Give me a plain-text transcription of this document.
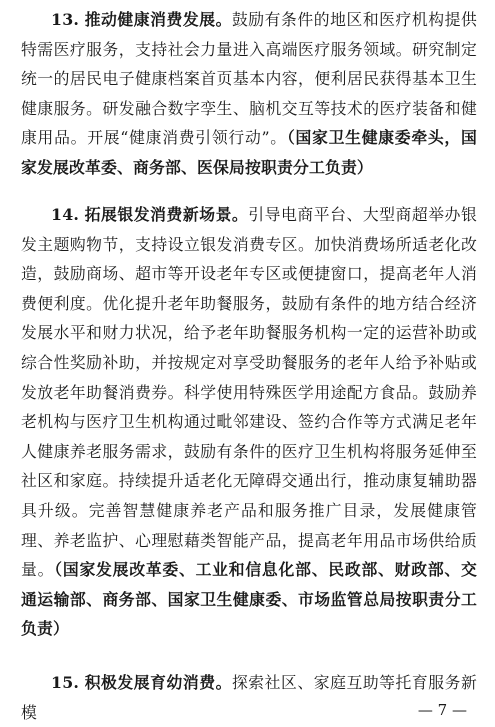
13. 推动健康消费发展。鼓励有条件的地区和医疗机构提供特需医疗服务，支持社会力量进入高端医疗服务领域。研究制定统一的居民电子健康档案首页基本内容，便利居民获得基本卫生健康服务。研发融合数字孪生、脑机交互等技术的医疗装备和健康用品。开展“健康消费引领行动”。（国家卫生健康委牵头，国家发展改革委、商务部、医保局按职责分工负责）

14. 拓展银发消费新场景。引导电商平台、大型商超举办银发主题购物节，支持设立银发消费专区。加快消费场所适老化改造，鼓励商场、超市等开设老年专区或便捷窗口，提高老年人消费便利度。优化提升老年助餐服务，鼓励有条件的地方结合经济发展水平和财力状况，给予老年助餐服务机构一定的运营补助或综合性奖励补助，并按规定对享受助餐服务的老年人给予补贴或发放老年助餐消费券。科学使用特殊医学用途配方食品。鼓励养老机构与医疗卫生机构通过毗邻建设、签约合作等方式满足老年人健康养老服务需求，鼓励有条件的医疗卫生机构将服务延伸至社区和家庭。持续提升适老化无障碍交通出行，推动康复辅助器具升级。完善智慧健康养老产品和服务推广目录，发展健康管理、养老监护、心理慰藉类智能产品，提高老年用品市场供给质量。（国家发展改革委、工业和信息化部、民政部、财政部、交通运输部、商务部、国家卫生健康委、市场监管总局按职责分工负责）

15. 积极发展育幼消费。探索社区、家庭互助等托育服务新模	— 7 —
